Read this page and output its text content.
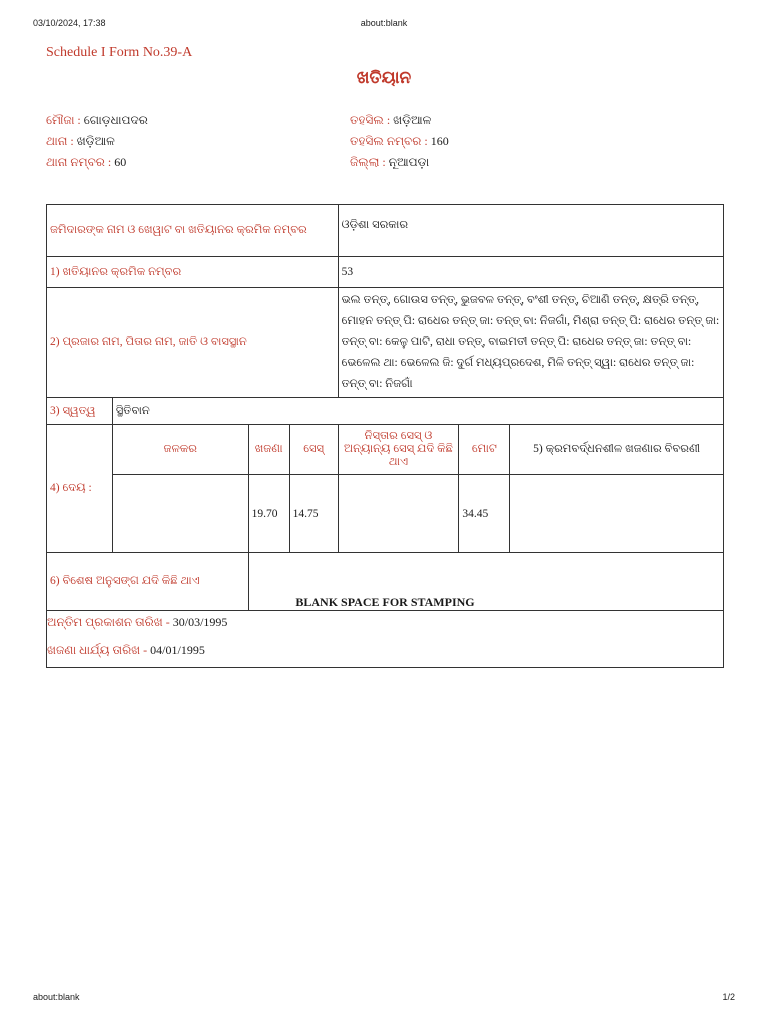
03/10/2024, 17:38	about:blank
Schedule I Form No.39-A
ଖତିୟାନ
ମୌଜା : ଗୋଡ଼ଧାପଦର
ଥାନା : ଖଡ଼ିଆଳ
ଥାନା ନମ୍ବର : 60
ତହସିଲ : ଖଡ଼ିଆଳ
ତହସିଲ ନମ୍ବର : 160
ଜିଲ୍ଲା : ନୂଆପଡ଼ା
ଜମିଦାରଙ୍କ ନାମ ଓ ଖେୱାଟ ବା ଖତିୟାନର କ୍ରମିକ ନମ୍ବର				ଓଡ଼ିଶା ସରକାର		
1) ଖତିୟାନର କ୍ରମିକ ନମ୍ବର				53		
2) ପ୍ରଜାର ନାମ, ପିତାର ନାମ, ଜାତି ଓ ବାସସ୍ଥାନ				ଭଲ ତନ୍ତ୍, ଗୋଉସ ତନ୍ତ୍, ଭୁଜବଳ ତନ୍ତ୍, ବଂଶୀ ତନ୍ତ୍, ଚିଆଣି ତନ୍ତ୍, କ୍ଷତ୍ରି ତନ୍ତ୍, ମୋହନ ତନ୍ତ୍ ପି: ରାଧେର ତନ୍ତ୍ ଜା: ତନ୍ତ୍ ବା: ନିଜଗାଁ, ମିଶ୍ରା ତନ୍ତ୍ ପି: ରାଧେର ତନ୍ତ୍ ଜା: ତନ୍ତ୍ ବା: କେଳୁ ପାଟି, ରାଧା ତନ୍ତ୍, ବାଇମତୀ ତନ୍ତ୍ ପି: ରାଧେର ତନ୍ତ୍ ଜା: ତନ୍ତ୍ ବା: ଭେଳେଲ ଥା: ଭେଳେଲ ଜି: ଦୁର୍ଗ ମଧ୍ୟପ୍ରଦେଶ, ମିଳି ତନ୍ତ୍ ସ୍ୱା: ରାଧେର ତନ୍ତ୍ ଜା: ତନ୍ତ୍ ବା: ନିଜଗାଁ		
3) ସ୍ୱତ୍ୱ	ସ୍ଥିତିବାନ					
4) ଦେୟ :	ଜଳକର	ଖଜଣା	ସେସ୍	ନିସ୍ତାର ସେସ୍ ଓ ଅନ୍ୟାନ୍ୟ ସେସ୍ ଯଦି କିଛି ଥାଏ	ମୋଟ	5) କ୍ରମବର୍ଦ୍ଧନଶୀଳ ଖଜଣାର ବିବରଣୀ
		19.70	14.75		34.45	
6) ବିଶେଷ ଅନୁସଙ୍ଗ ଯଦି କିଛି ଥାଏ						
BLANK SPACE FOR STAMPING
ଅନ୍ତିମ ପ୍ରକାଶନ ତାରିଖ - 30/03/1995
ଖଜଣା ଧାର୍ଯ୍ୟ ତାରିଖ - 04/01/1995
about:blank	1/2
